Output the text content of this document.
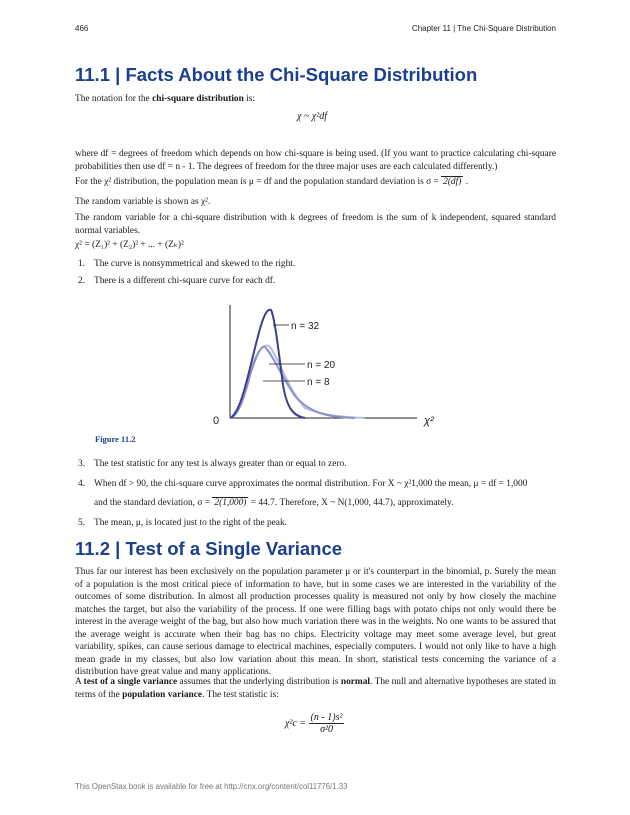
466	Chapter 11 | The Chi-Square Distribution
11.1 | Facts About the Chi-Square Distribution

The notation for the chi-square distribution is:

χ ~ χ²df

where df = degrees of freedom which depends on how chi-square is being used. (If you want to practice calculating chi-square probabilities then use df = n - 1. The degrees of freedom for the three major uses are each calculated differently.)

For the χ² distribution, the population mean is μ = df and the population standard deviation is σ = 2(df) .

The random variable is shown as χ².

The random variable for a chi-square distribution with k degrees of freedom is the sum of k independent, squared standard normal variables.

χ² = (Z₁)² + (Z₂)² + ... + (Zₖ)²

1. The curve is nonsymmetrical and skewed to the right.
2. There is a different chi-square curve for each df.
n = 32
n = 20
n = 8
0	χ²
Figure 11.2
3. The test statistic for any test is always greater than or equal to zero.
4. When df > 90, the chi-square curve approximates the normal distribution. For X ~ χ²1,000 the mean, μ = df = 1,000
and the standard deviation, σ = 2(1,000) = 44.7. Therefore, X ~ N(1,000, 44.7), approximately.
5. The mean, μ, is located just to the right of the peak.
11.2 | Test of a Single Variance

Thus far our interest has been exclusively on the population parameter μ or it's counterpart in the binomial, p. Surely the mean of a population is the most critical piece of information to have, but in some cases we are interested in the variability of the outcomes of some distribution. In almost all production processes quality is measured not only by how closely the machine matches the target, but also the variability of the process. If one were filling bags with potato chips not only would there be interest in the average weight of the bag, but also how much variation there was in the weights. No one wants to be assured that the average weight is accurate when their bag has no chips. Electricity voltage may meet some average level, but great variability, spikes, can cause serious damage to electrical machines, especially computers. I would not only like to have a high mean grade in my classes, but also low variation about this mean. In short, statistical tests concerning the variance of a distribution have great value and many applications.

A test of a single variance assumes that the underlying distribution is normal. The null and alternative hypotheses are stated in terms of the population variance. The test statistic is:

$\chi^2c = \frac{\text{(n - 1)s²}}{\text{σ²0}}$
This OpenStax book is available for free at http://cnx.org/content/col11776/1.33
